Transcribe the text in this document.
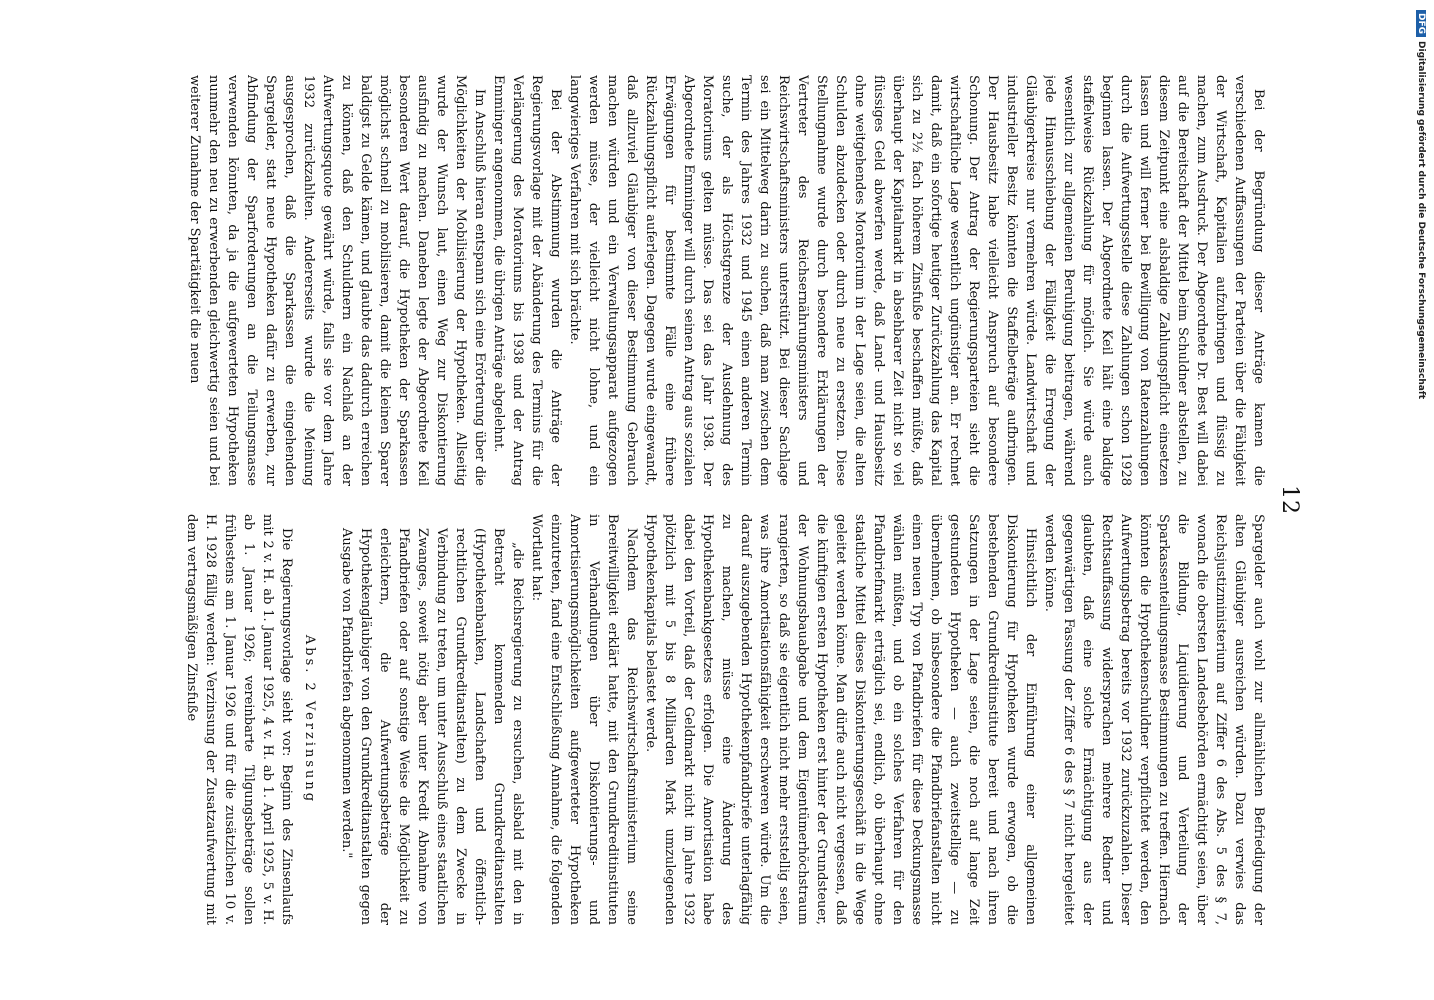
12

Bei der Begründung dieser Anträge kamen die verschiedenen Auffassungen der Parteien über die Fähigkeit der Wirtschaft, Kapitalien aufzubringen und flüssig zu machen, zum Ausdruck. Der Abgeordnete Dr. Best will dabei auf die Bereitschaft der Mittel beim Schuldner abstellen, zu diesem Zeitpunkt eine alsbaldige Zahlungspflicht einsetzen lassen und will ferner bei Bewilligung von Ratenzahlungen durch die Aufwertungsstelle diese Zahlungen schon 1928 beginnen lassen. Der Abgeordnete Keil hält eine baldige staffelweise Rückzahlung für möglich. Sie würde auch wesentlich zur allgemeinen Beruhigung beitragen, während jede Hinausschiebung der Fälligkeit die Erregung der Gläubigerkreise nur vermehren würde. Landwirtschaft und industrieller Besitz könnten die Staffelbeträge aufbringen. Der Hausbesitz habe vielleicht Anspruch auf besondere Schonung. Der Antrag der Regierungsparteien sieht die wirtschaftliche Lage wesentlich ungünstiger an. Er rechnet damit, daß ein sofortige heutiger Zurückzahlung das Kapital sich zu 2½ fach höherem Zinsfuße beschaffen müßte, daß überhaupt der Kapitalmarkt in absehbarer Zeit nicht so viel flüssiges Geld abwerfen werde, daß Land- und Hausbesitz ohne weitgehendes Moratorium in der Lage seien, die alten Schulden abzudecken oder durch neue zu ersetzen. Diese Stellungnahme wurde durch besondere Erklärungen der Vertreter des Reichsernährungsministers und Reichswirtschaftsministers unterstützt. Bei dieser Sachlage sei ein Mittelweg darin zu suchen, daß man zwischen dem Termin des Jahres 1932 und 1945 einen anderen Termin suche, der als Höchstgrenze der Ausdehnung des Moratoriums gelten müsse. Das sei das Jahr 1938. Der Abgeordnete Emminger will durch seinen Antrag aus sozialen Erwägungen für bestimmte Fälle eine frühere Rückzahlungspflicht auferlegen. Dagegen wurde eingewandt, daß allzuviel Gläubiger von dieser Bestimmung Gebrauch machen würden und ein Verwaltungsapparat aufgezogen werden müsse, der vielleicht nicht lohne, und ein langwieriges Verfahren mit sich brächte.

Bei der Abstimmung wurden die Anträge der Regierungsvorlage mit der Abänderung des Termins für die Verlängerung des Moratoriums bis 1938 und der Antrag Emminger angenommen, die übrigen Anträge abgelehnt.

Im Anschluß hieran entspann sich eine Erörterung über die Möglichkeiten der Mobilisierung der Hypotheken. Allseitig wurde der Wunsch laut, einen Weg zur Diskontierung ausfindig zu machen. Daneben legte der Abgeordnete Keil besonderen Wert darauf, die Hypotheken der Sparkassen möglichst schnell zu mobilisieren, damit die kleinen Sparer baldigst zu Gelde kämen, und glaubte das dadurch erreichen zu können, daß den Schuldnern ein Nachlaß an der Aufwertungsquote gewährt würde, falls sie vor dem Jahre 1932 zurückzahlten. Andererseits wurde die Meinung ausgesprochen, daß die Sparkassen die eingehenden Spargelder, statt neue Hypotheken dafür zu erwerben, zur Abfindung der Sparforderungen an die Teilungsmasse verwenden könnten, da ja die aufgewerteten Hypotheken nunmehr den neu zu erwerbenden gleichwertig seien und bei weiterer Zunahme der Spartätigkeit die neuen

Spargelder auch wohl zur allmählichen Befriedigung der alten Gläubiger ausreichen würden. Dazu verwies das Reichsjustizministerium auf Ziffer 6 des Abs. 5 des § 7, wonach die obersten Landesbehörden ermächtigt seien, über die Bildung, Liquidierung und Verteilung der Sparkassenteilungsmasse Bestimmungen zu treffen. Hiernach könnten die Hypothekenschuldner verpflichtet werden, den Aufwertungsbetrag bereits vor 1932 zurückzuzahlen. Dieser Rechtsauffassung widersprachen mehrere Redner und glaubten, daß eine solche Ermächtigung aus der gegenwärtigen Fassung der Ziffer 6 des § 7 nicht hergeleitet werden könne.

Hinsichtlich der Einführung einer allgemeinen Diskontierung für Hypotheken wurde erwogen, ob die bestehenden Grundkreditinstitute bereit und nach ihren Satzungen in der Lage seien, die noch auf lange Zeit gestundeten Hypotheken — auch zweitstellige — zu übernehmen, ob insbesondere die Pfandbriefanstalten nicht einen neuen Typ von Pfandbriefen für diese Deckungsmasse wählen müßten, und ob ein solches Verfahren für den Pfandbriefmarkt erträglich sei, endlich, ob überhaupt ohne staatliche Mittel dieses Diskontierungsgeschäft in die Wege geleitet werden könne. Man dürfe auch nicht vergessen, daß die künftigen ersten Hypotheken erst hinter der Grundsteuer, der Wohnungsbauabgabe und dem Eigentümerhöchstraum rangierten, so daß sie eigentlich nicht mehr erststellig seien, was ihre Amortisationsfähigkeit erschweren würde. Um die darauf auszugebenden Hypothekenpfandbriefe unterlagfähig zu machen, müsse eine Änderung des Hypothekenbankgesetzes erfolgen. Die Amortisation habe dabei den Vorteil, daß der Geldmarkt nicht im Jahre 1932 plötzlich mit 5 bis 8 Milliarden Mark umzulegenden Hypothekenkapitals belastet werde.

Nachdem das Reichswirtschaftsministerium seine Bereitwilligkeit erklärt hatte, mit den Grundkreditinstituten in Verhandlungen über Diskontierungs- und Amortisierungsmöglichkeiten aufgewerteter Hypotheken einzutreten, fand eine Entschließung Annahme, die folgenden Wortlaut hat:

„die Reichsregierung zu ersuchen, alsbald mit den in Betracht kommenden Grundkreditanstalten (Hypothekenbanken, Landschaften und öffentlich-rechtlichen Grundkreditanstalten) zu dem Zwecke in Verbindung zu treten, um unter Ausschluß eines staatlichen Zwanges, soweit nötig aber unter Kredit Abnahme von Pfandbriefen oder auf sonstige Weise die Möglichkeit zu erleichtern, die Aufwertungsbeträge der Hypothekengläubiger von den Grundkreditanstalten gegen Ausgabe von Pfandbriefen abgenommen werden."

Abs. 2 Verzinsung

Die Regierungsvorlage sieht vor: Beginn des Zinsenlaufs mit 2 v. H. ab 1. Januar 1925, 4 v. H. ab 1. April 1925, 5 v. H. ab 1. Januar 1926; vereinbarte Tilgungsbeträge sollen frühestens am 1. Januar 1926 und für die zusätzlichen 10 v. H. 1928 fällig werden: Verzinsung der Zusatzaufwertung mit dem vertragsmäßigen Zinsfuße

DFGDigitalisierung gefördert durch die Deutsche Forschungsgemeinschaft
